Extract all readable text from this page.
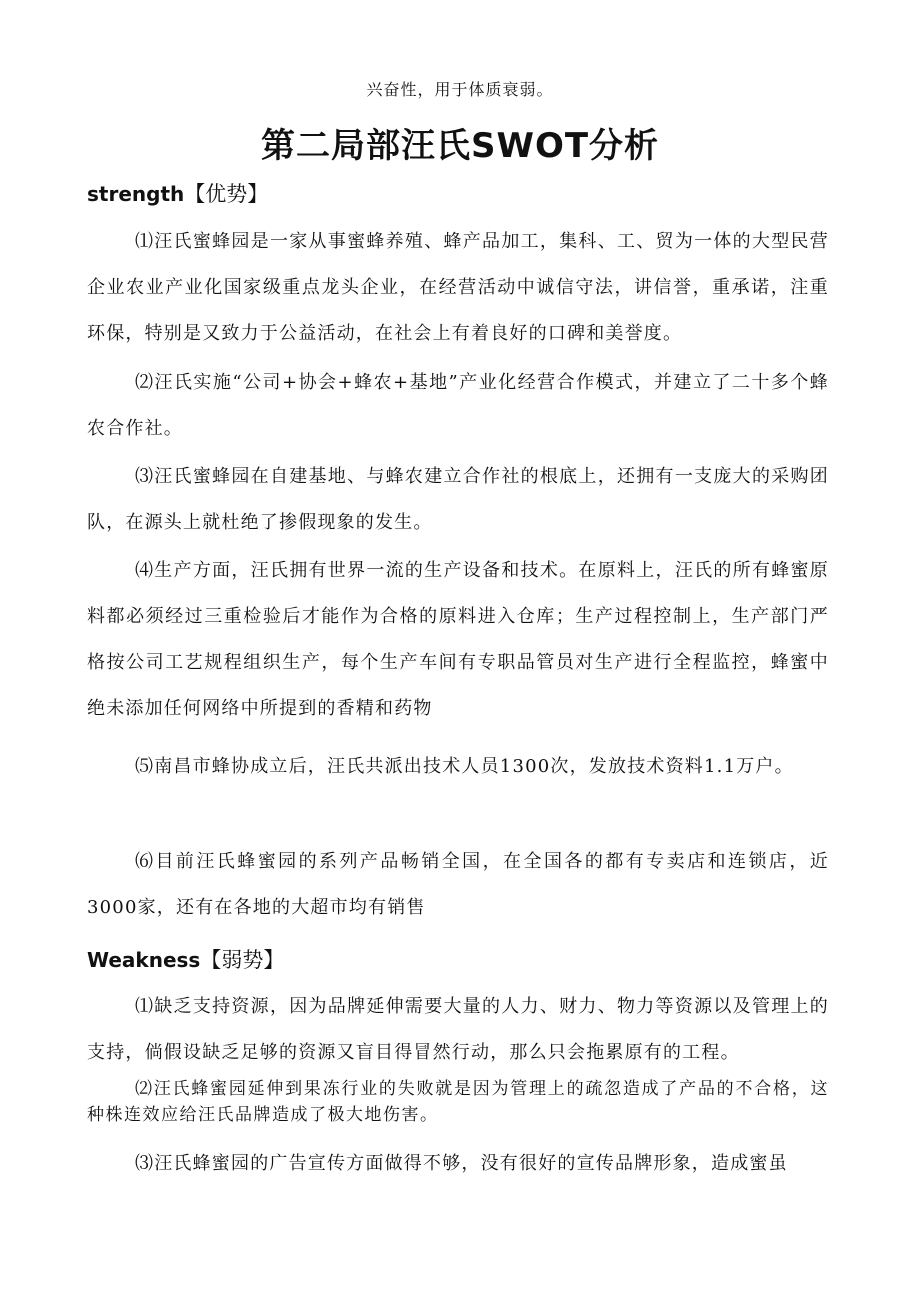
兴奋性，用于体质衰弱。
第二局部汪氏SWOT分析
strength【优势】
⑴汪氏蜜蜂园是一家从事蜜蜂养殖、蜂产品加工，集科、工、贸为一体的大型民营企业农业产业化国家级重点龙头企业，在经营活动中诚信守法，讲信誉，重承诺，注重环保，特别是又致力于公益活动，在社会上有着良好的口碑和美誉度。
⑵汪氏实施“公司+协会+蜂农+基地”产业化经营合作模式，并建立了二十多个蜂农合作社。
⑶汪氏蜜蜂园在自建基地、与蜂农建立合作社的根底上，还拥有一支庞大的采购团队，在源头上就杜绝了掺假现象的发生。
⑷生产方面，汪氏拥有世界一流的生产设备和技术。在原料上，汪氏的所有蜂蜜原料都必须经过三重检验后才能作为合格的原料进入仓库；生产过程控制上，生产部门严格按公司工艺规程组织生产，每个生产车间有专职品管员对生产进行全程监控，蜂蜜中绝未添加任何网络中所提到的香精和药物
⑸南昌市蜂协成立后，汪氏共派出技术人员1300次，发放技术资料1.1万户。
⑹目前汪氏蜂蜜园的系列产品畅销全国，在全国各的都有专卖店和连锁店，近3000家，还有在各地的大超市均有销售
Weakness【弱势】
⑴缺乏支持资源，因为品牌延伸需要大量的人力、财力、物力等资源以及管理上的支持，倘假设缺乏足够的资源又盲目得冒然行动，那么只会拖累原有的工程。
⑵汪氏蜂蜜园延伸到果冻行业的失败就是因为管理上的疏忽造成了产品的不合格，这种株连效应给汪氏品牌造成了极大地伤害。
⑶汪氏蜂蜜园的广告宣传方面做得不够，没有很好的宣传品牌形象，造成蜜虽
